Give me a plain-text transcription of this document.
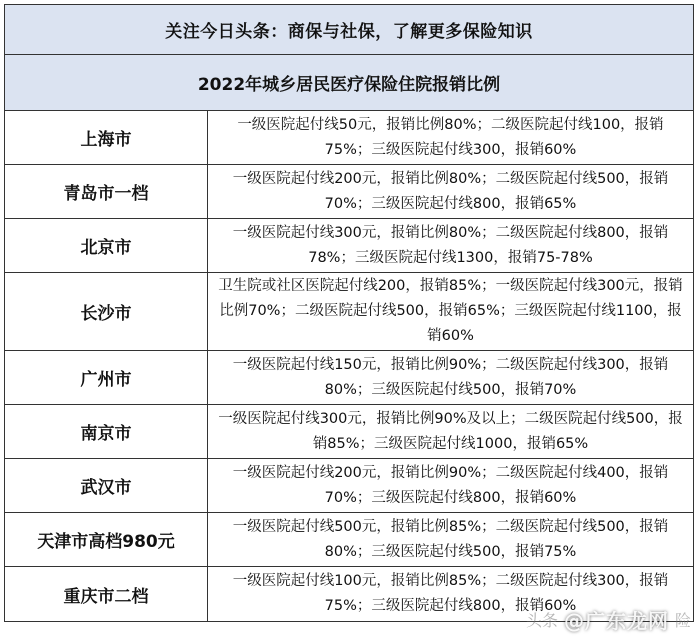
关注今日头条：商保与社保，了解更多保险知识
2022年城乡居民医疗保险住院报销比例
上海市
一级医院起付线50元，报销比例80%；二级医院起付线100，报销75%；三级医院起付线300，报销60%
青岛市一档
一级医院起付线200元，报销比例80%；二级医院起付线500，报销70%；三级医院起付线800，报销65%
北京市
一级医院起付线300元，报销比例80%；二级医院起付线800，报销78%；三级医院起付线1300，报销75-78%
长沙市
卫生院或社区医院起付线200，报销85%；一级医院起付线300元，报销比例70%；二级医院起付线500，报销65%；三级医院起付线1100，报销60%
广州市
一级医院起付线150元，报销比例90%；二级医院起付线300，报销80%；三级医院起付线500，报销70%
南京市
一级医院起付线300元，报销比例90%及以上；二级医院起付线500，报销85%；三级医院起付线1000，报销65%
武汉市
一级医院起付线200元，报销比例90%；二级医院起付线400，报销70%；三级医院起付线800，报销60%
天津市高档980元
一级医院起付线500元，报销比例85%；二级医院起付线500，报销80%；三级医院起付线500，报销75%
重庆市二档
一级医院起付线100元，报销比例85%；二级医院起付线300，报销75%；三级医院起付线800，报销60%
头条 @广东龙网 险
